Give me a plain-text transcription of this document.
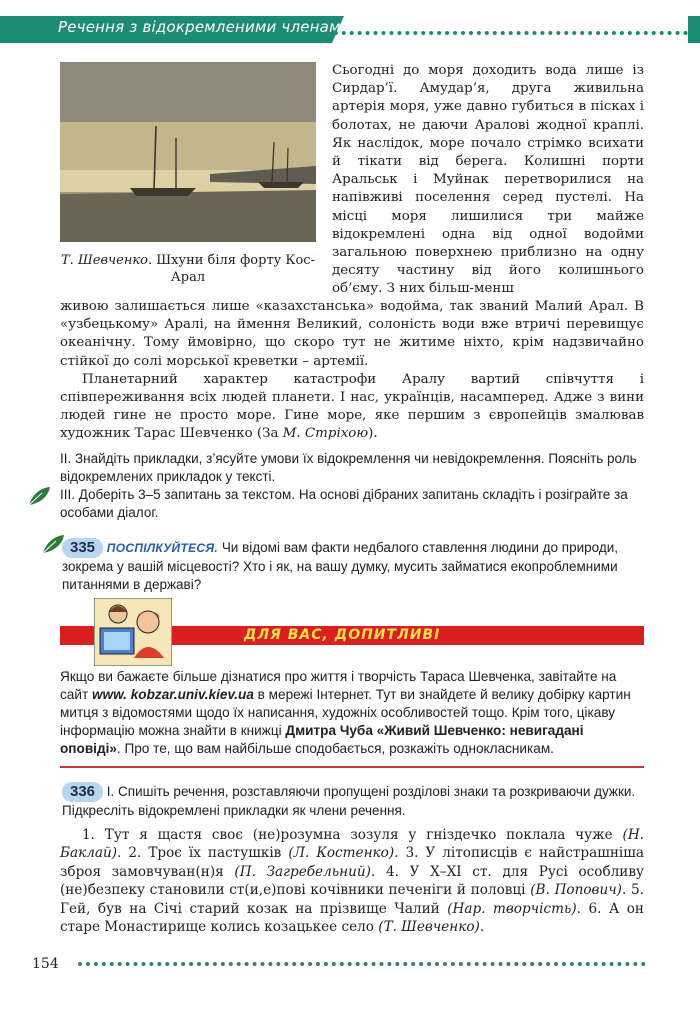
Речення з відокремленими членами
Т. Шевченко. Шхуни біля форту Кос-Арал

Сьогодні до моря доходить вода лише із Сирдар’ї. Амудар’я, друга живильна артерія моря, уже давно губиться в пісках і болотах, не даючи Аралові жодної краплі. Як наслідок, море почало стрімко всихати й тікати від берега. Колишні порти Аральськ і Муйнак перетворилися на напівживі поселення серед пустелі. На місці моря лишилися три майже відокремлені одна від одної водойми загальною поверхнею приблизно на одну десяту частину від його колишнього об’єму. З них більш-менш

живою залишається лише «казахстанська» водойма, так званий Малий Арал. В «узбецькому» Аралі, на ймення Великий, солоність води вже втричі перевищує океанічну. Тому ймовірно, що скоро тут не житиме ніхто, крім надзвичайно стійкої до солі морської креветки – артемії.

Планетарний характер катастрофи Аралу вартий співчуття і співпереживання всіх людей планети. І нас, українців, насамперед. Адже з вини людей гине не просто море. Гине море, яке першим з європейців змалював художник Тарас Шевченко (За М. Стріхою).

ІІ. Знайдіть прикладки, з’ясуйте умови їх відокремлення чи невідокремлення. Поясніть роль відокремлених прикладок у тексті.
ІІІ. Доберіть 3–5 запитань за текстом. На основі дібраних запитань складіть і розіграйте за особами діалог.
335 ПОСПІЛКУЙТЕСЯ. Чи відомі вам факти недбалого ставлення людини до природи, зокрема у вашій місцевості? Хто і як, на вашу думку, мусить займатися екопроблемними питаннями в державі?
ДЛЯ ВАС, ДОПИТЛИВІ
Якщо ви бажаєте більше дізнатися про життя і творчість Тараса Шевченка, завітайте на сайт www. kobzar.univ.kiev.ua в мережі Інтернет. Тут ви знайдете й велику добірку картин митця з відомостями щодо їх написання, художніх особливостей тощо. Крім того, цікаву інформацію можна знайти в книжці Дмитра Чуба «Живий Шевченко: невигадані оповіді». Про те, що вам найбільше сподобається, розкажіть однокласникам.
336 І. Спишіть речення, розставляючи пропущені розділові знаки та розкриваючи дужки. Підкресліть відокремлені прикладки як члени речення.

1. Тут я щастя своє (не)розумна зозуля у гніздечко поклала чуже (Н. Баклай). 2. Троє їх пастушків (Л. Костенко). 3. У літописців є найстрашніша зброя замовчуван(н)я (П. Загребельний). 4. У X–XI ст. для Русі особливу (не)безпеку становили ст(и,е)пові кочівники печеніги й половці (В. Попович). 5. Гей, був на Січі старий козак на прізвище Чалий (Нар. творчість). 6. А он старе Монастирище колись козацькее село (Т. Шевченко).

154
